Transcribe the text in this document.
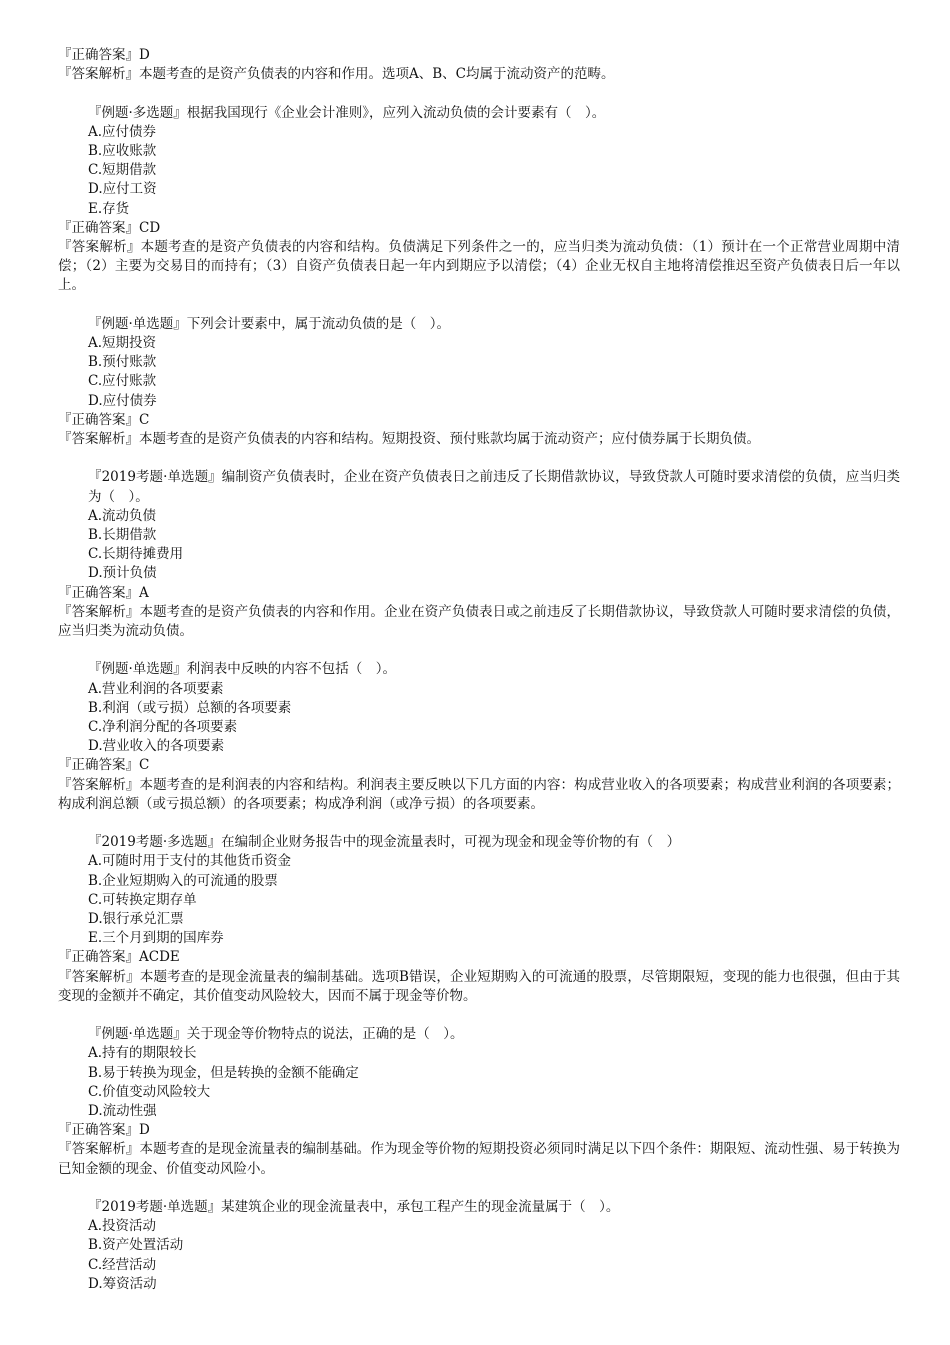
『正确答案』D

『答案解析』本题考查的是资产负债表的内容和作用。选项A、B、C均属于流动资产的范畴。

『例题·多选题』根据我国现行《企业会计准则》，应列入流动负债的会计要素有（　）。

A.应付债券

B.应收账款

C.短期借款

D.应付工资

E.存货

『正确答案』CD

『答案解析』本题考查的是资产负债表的内容和结构。负债满足下列条件之一的，应当归类为流动负债：（1）预计在一个正常营业周期中清偿；（2）主要为交易目的而持有；（3）自资产负债表日起一年内到期应予以清偿；（4）企业无权自主地将清偿推迟至资产负债表日后一年以上。

『例题·单选题』下列会计要素中，属于流动负债的是（　）。

A.短期投资

B.预付账款

C.应付账款

D.应付债券

『正确答案』C

『答案解析』本题考查的是资产负债表的内容和结构。短期投资、预付账款均属于流动资产；应付债券属于长期负债。

『2019考题·单选题』编制资产负债表时，企业在资产负债表日之前违反了长期借款协议，导致贷款人可随时要求清偿的负债，应当归类为（　）。

A.流动负债

B.长期借款

C.长期待摊费用

D.预计负债

『正确答案』A

『答案解析』本题考查的是资产负债表的内容和作用。企业在资产负债表日或之前违反了长期借款协议，导致贷款人可随时要求清偿的负债，应当归类为流动负债。

『例题·单选题』利润表中反映的内容不包括（　）。

A.营业利润的各项要素

B.利润（或亏损）总额的各项要素

C.净利润分配的各项要素

D.营业收入的各项要素

『正确答案』C

『答案解析』本题考查的是利润表的内容和结构。利润表主要反映以下几方面的内容：构成营业收入的各项要素；构成营业利润的各项要素；构成利润总额（或亏损总额）的各项要素；构成净利润（或净亏损）的各项要素。

『2019考题·多选题』在编制企业财务报告中的现金流量表时，可视为现金和现金等价物的有（　）

A.可随时用于支付的其他货币资金

B.企业短期购入的可流通的股票

C.可转换定期存单

D.银行承兑汇票

E.三个月到期的国库券

『正确答案』ACDE

『答案解析』本题考查的是现金流量表的编制基础。选项B错误，企业短期购入的可流通的股票，尽管期限短，变现的能力也很强，但由于其变现的金额并不确定，其价值变动风险较大，因而不属于现金等价物。

『例题·单选题』关于现金等价物特点的说法，正确的是（　）。

A.持有的期限较长

B.易于转换为现金，但是转换的金额不能确定

C.价值变动风险较大

D.流动性强

『正确答案』D

『答案解析』本题考查的是现金流量表的编制基础。作为现金等价物的短期投资必须同时满足以下四个条件：期限短、流动性强、易于转换为已知金额的现金、价值变动风险小。

『2019考题·单选题』某建筑企业的现金流量表中，承包工程产生的现金流量属于（　）。

A.投资活动

B.资产处置活动

C.经营活动

D.筹资活动
